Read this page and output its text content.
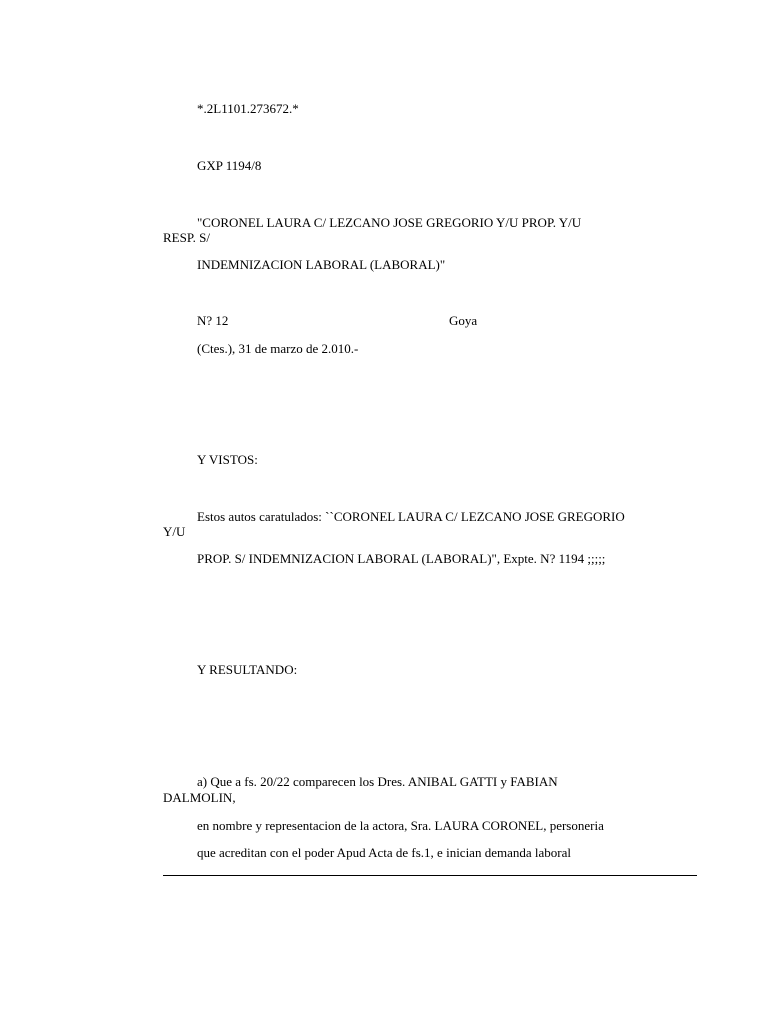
*.2L1101.273672.*
GXP 1194/8
"CORONEL LAURA C/ LEZCANO JOSE GREGORIO Y/U PROP. Y/U
RESP. S/
INDEMNIZACION LABORAL (LABORAL)"
N? 12	Goya
(Ctes.), 31 de marzo de 2.010.-
Y VISTOS:
Estos autos caratulados: ``CORONEL LAURA C/ LEZCANO JOSE GREGORIO
Y/U
PROP. S/ INDEMNIZACION LABORAL (LABORAL)", Expte. N? 1194 ;;;;;
Y RESULTANDO:
a) Que a fs. 20/22 comparecen los Dres. ANIBAL GATTI y FABIAN
DALMOLIN,
en nombre y representacion de la actora, Sra. LAURA CORONEL, personeria
que acreditan con el poder Apud Acta de fs.1, e inician demanda laboral
